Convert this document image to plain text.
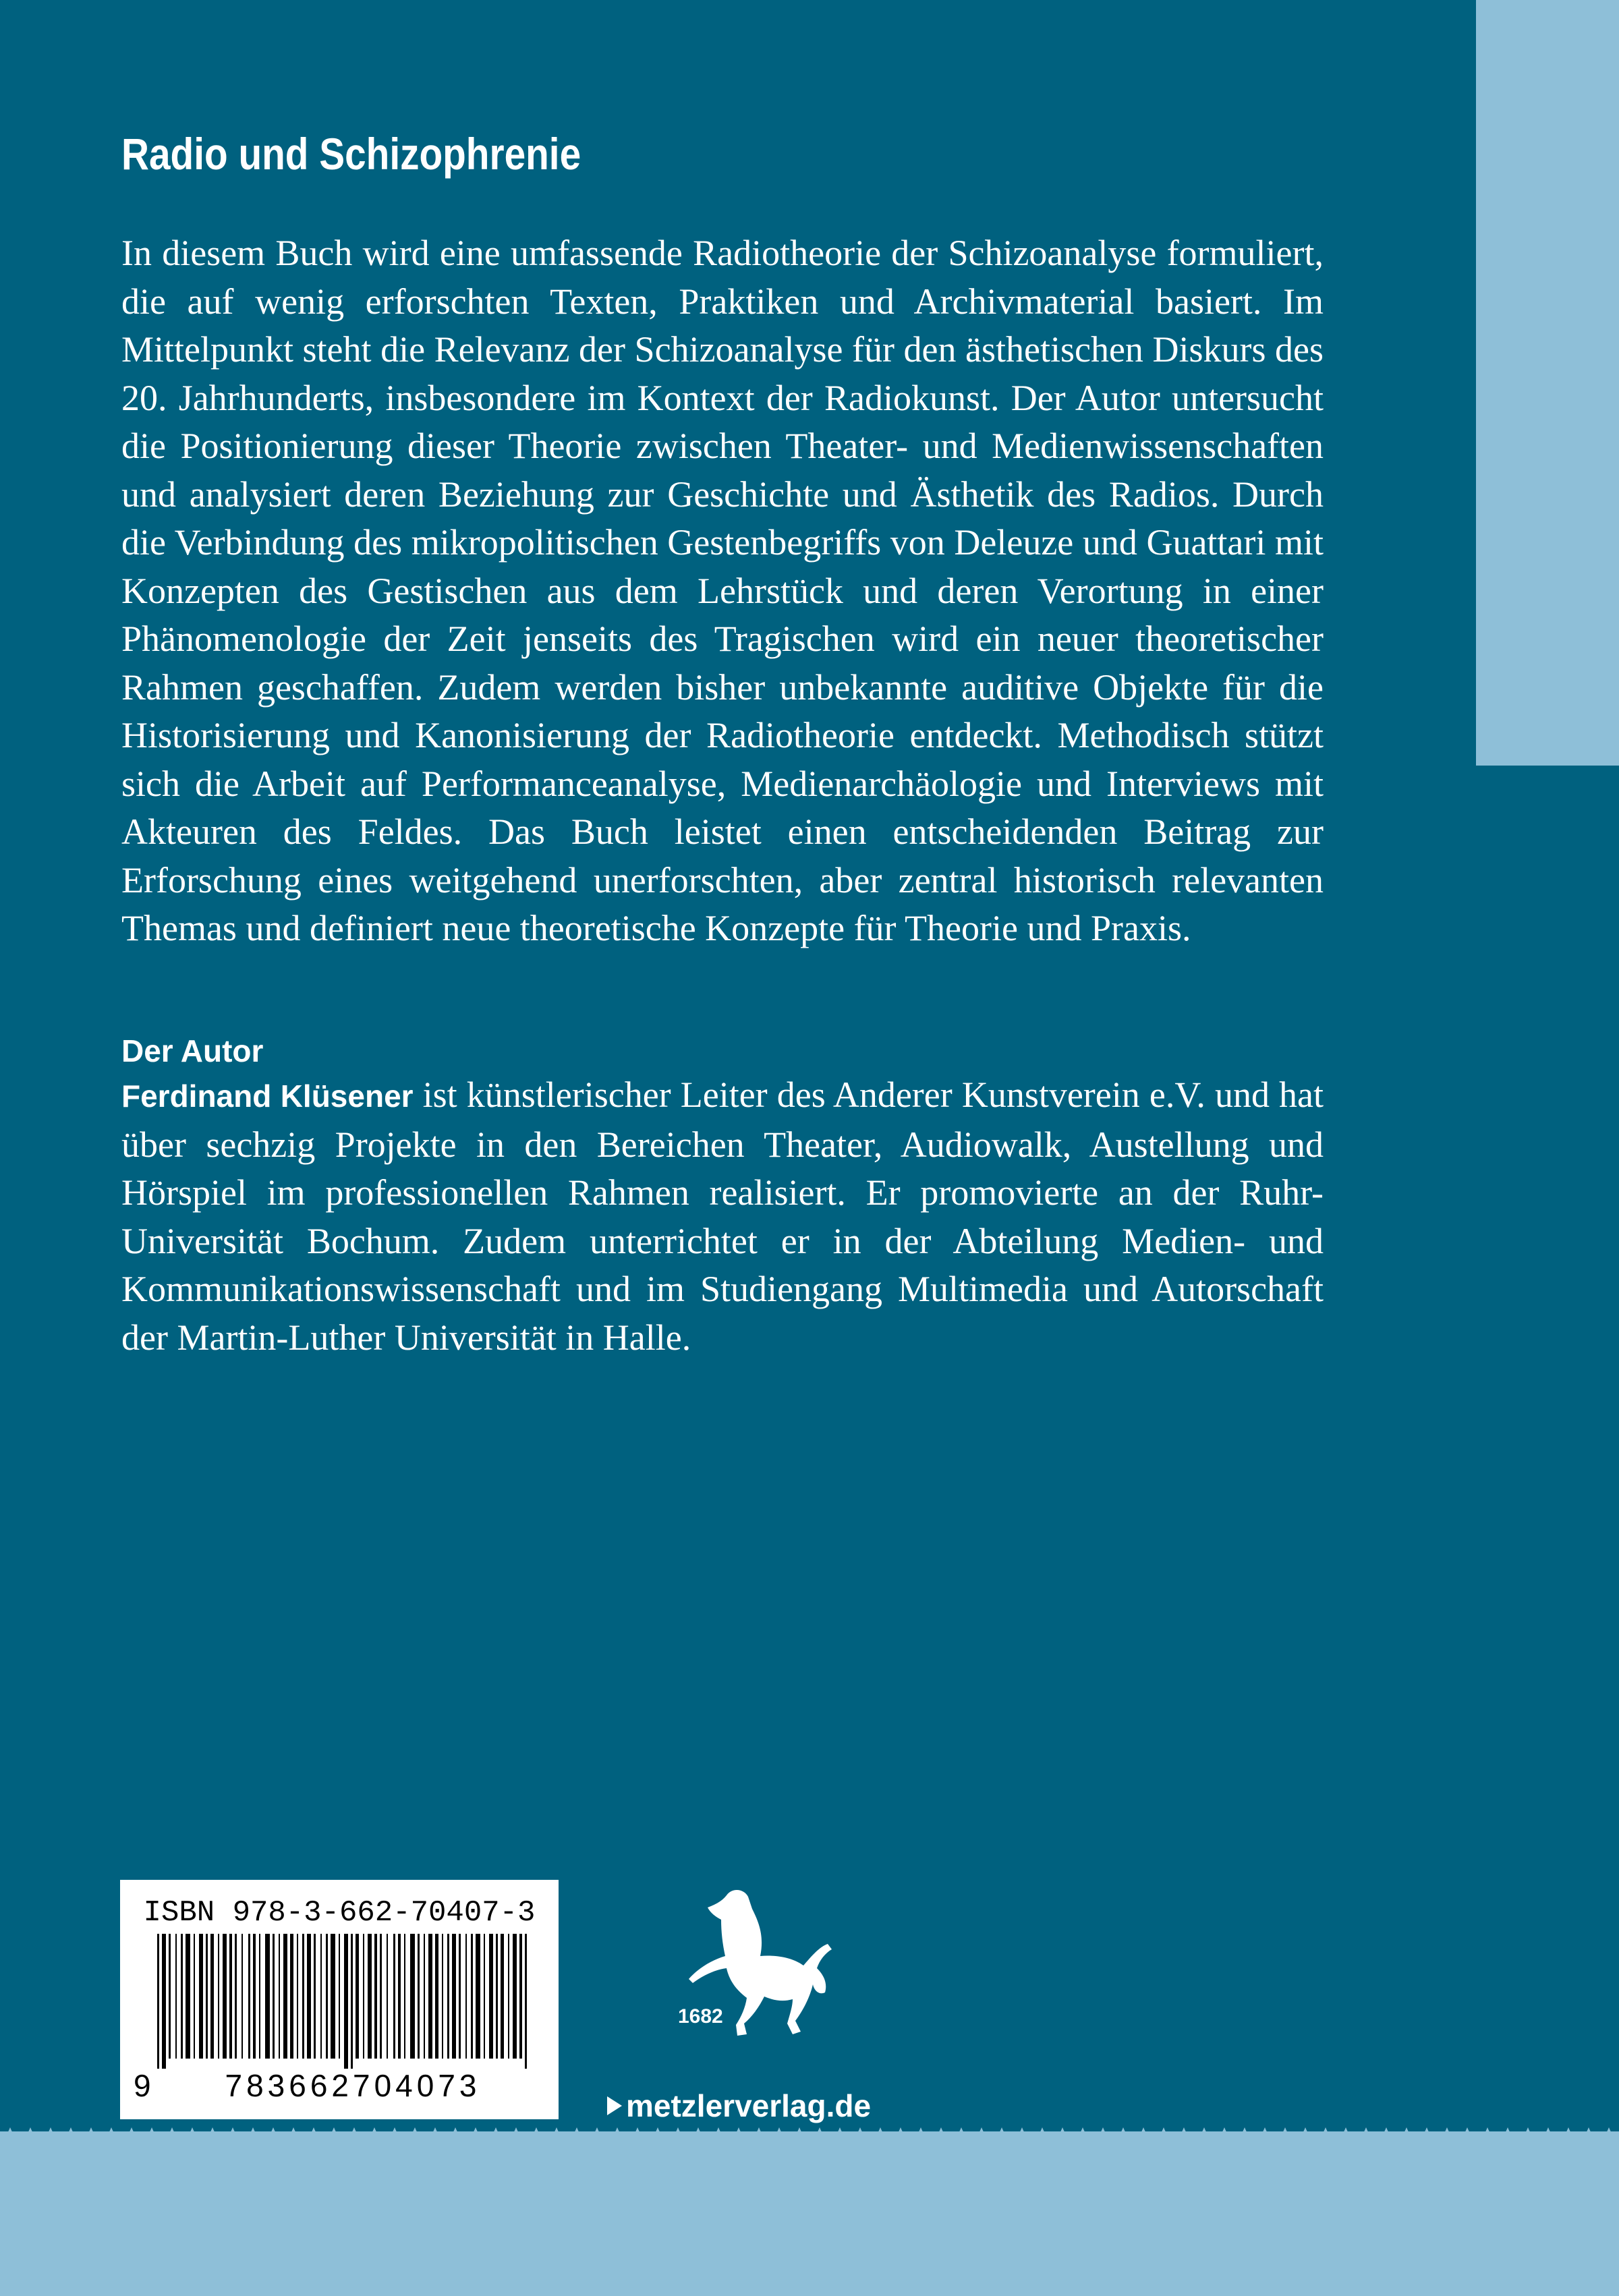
Radio und Schizophrenie

In diesem Buch wird eine umfassende Radiotheorie der Schizoanalyse formuliert, die auf wenig erforschten Texten, Praktiken und Archivmaterial basiert. Im Mittelpunkt steht die Relevanz der Schizoanalyse für den ästhetischen Diskurs des 20. Jahrhunderts, insbesondere im Kontext der Radiokunst. Der Autor untersucht die Positionierung dieser Theorie zwischen Theater- und Medienwissenschaften und analysiert deren Beziehung zur Geschichte und Ästhetik des Radios. Durch die Verbindung des mikropolitischen Gestenbegriffs von Deleuze und Guattari mit Konzepten des Gestischen aus dem Lehrstück und deren Verortung in einer Phänomenologie der Zeit jenseits des Tragischen wird ein neuer theoretischer Rahmen geschaffen. Zudem werden bisher unbekannte auditive Objekte für die Historisierung und Kanonisierung der Radiotheorie entdeckt. Methodisch stützt sich die Arbeit auf Performanceanalyse, Medienarchäologie und Interviews mit Akteuren des Feldes. Das Buch leistet einen entscheidenden Beitrag zur Erforschung eines weitgehend unerforschten, aber zentral historisch relevanten Themas und definiert neue theoretische Konzepte für Theorie und Praxis.

Der Autor

Ferdinand Klüsener ist künstlerischer Leiter des Anderer Kunstverein e.V. und hat über sechzig Projekte in den Bereichen Theater, Audiowalk, Austellung und Hörspiel im professionellen Rahmen realisiert. Er promovierte an der Ruhr-Universität Bochum. Zudem unterrichtet er in der Abteilung Medien- und Kommunikationswissenschaft und im Studiengang Multimedia und Autorschaft der Martin-Luther Universität in Halle.

ISBN 978-3-662-70407-3

9	783662704073

1682

metzlerverlag.de
